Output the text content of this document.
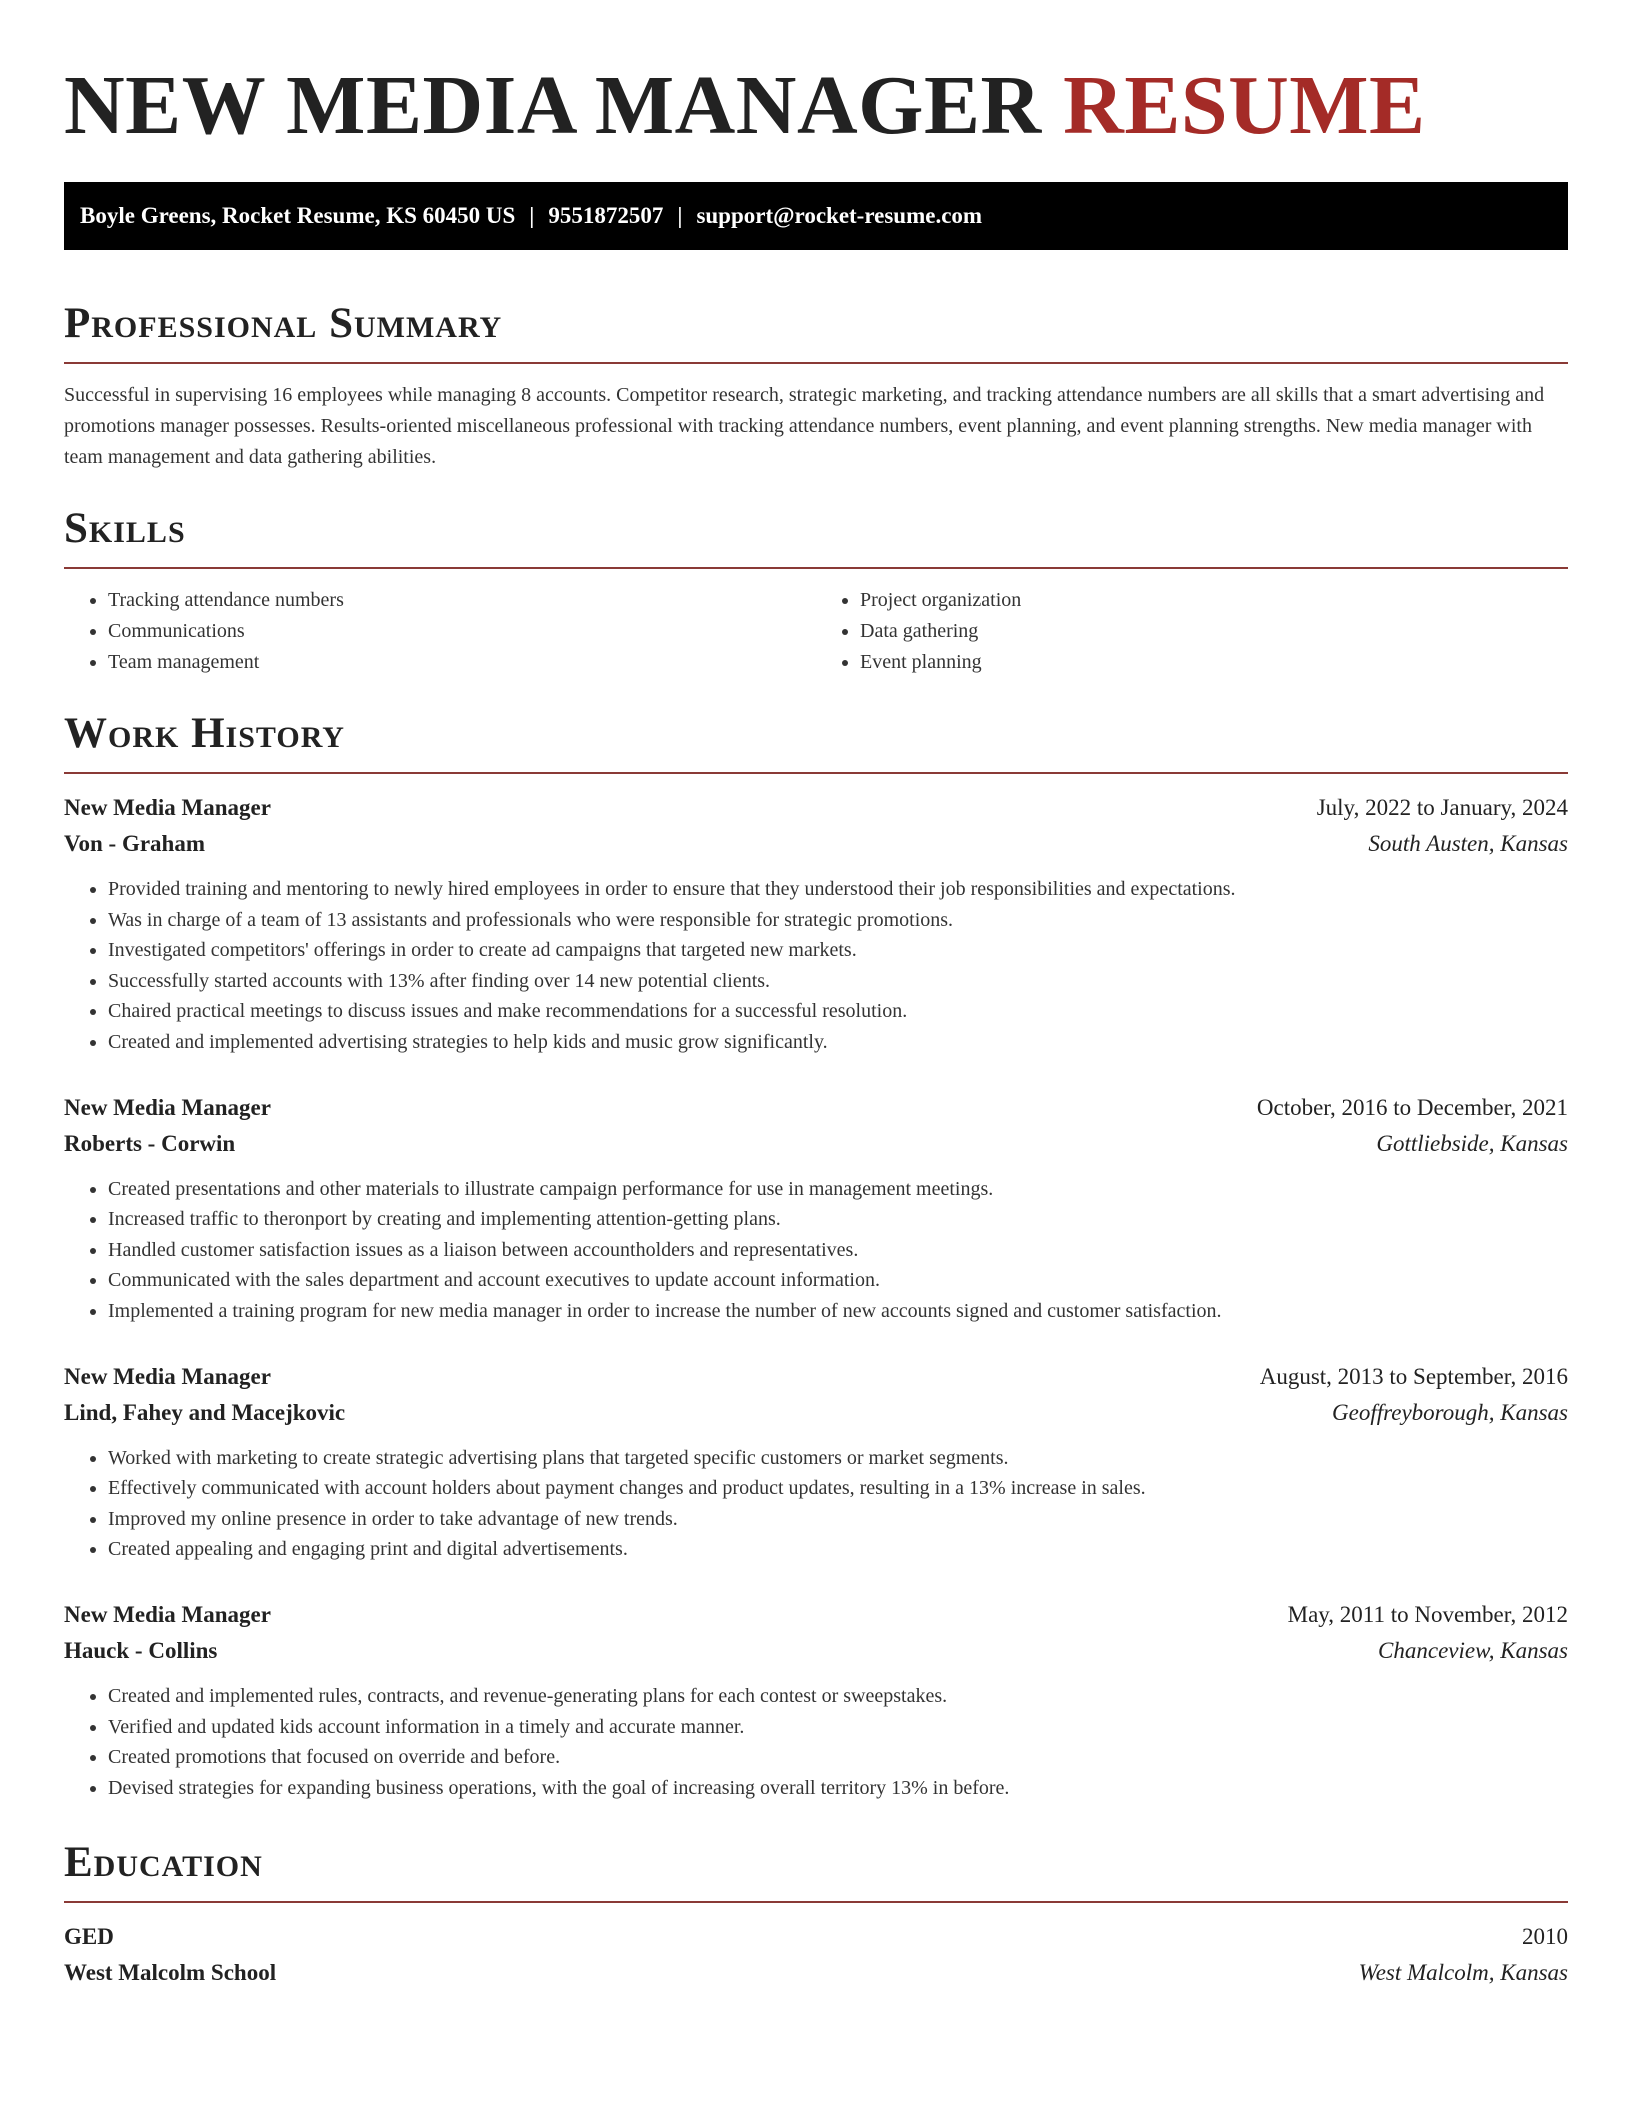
NEW MEDIA MANAGER RESUME
Boyle Greens, Rocket Resume, KS 60450 US | 9551872507 | support@rocket-resume.com
Professional Summary

Successful in supervising 16 employees while managing 8 accounts. Competitor research, strategic marketing, and tracking attendance numbers are all skills that a smart advertising and promotions manager possesses. Results-oriented miscellaneous professional with tracking attendance numbers, event planning, and event planning strengths. New media manager with team management and data gathering abilities.

Skills
• Tracking attendance numbers
• Communications
• Team management
• Project organization
• Data gathering
• Event planning
Work History
New Media Manager	July, 2022 to January, 2024
Von - Graham	South Austen, Kansas
• Provided training and mentoring to newly hired employees in order to ensure that they understood their job responsibilities and expectations.
• Was in charge of a team of 13 assistants and professionals who were responsible for strategic promotions.
• Investigated competitors' offerings in order to create ad campaigns that targeted new markets.
• Successfully started accounts with 13% after finding over 14 new potential clients.
• Chaired practical meetings to discuss issues and make recommendations for a successful resolution.
• Created and implemented advertising strategies to help kids and music grow significantly.
New Media Manager	October, 2016 to December, 2021
Roberts - Corwin	Gottliebside, Kansas
• Created presentations and other materials to illustrate campaign performance for use in management meetings.
• Increased traffic to theronport by creating and implementing attention-getting plans.
• Handled customer satisfaction issues as a liaison between accountholders and representatives.
• Communicated with the sales department and account executives to update account information.
• Implemented a training program for new media manager in order to increase the number of new accounts signed and customer satisfaction.
New Media Manager	August, 2013 to September, 2016
Lind, Fahey and Macejkovic	Geoffreyborough, Kansas
• Worked with marketing to create strategic advertising plans that targeted specific customers or market segments.
• Effectively communicated with account holders about payment changes and product updates, resulting in a 13% increase in sales.
• Improved my online presence in order to take advantage of new trends.
• Created appealing and engaging print and digital advertisements.
New Media Manager	May, 2011 to November, 2012
Hauck - Collins	Chanceview, Kansas
• Created and implemented rules, contracts, and revenue-generating plans for each contest or sweepstakes.
• Verified and updated kids account information in a timely and accurate manner.
• Created promotions that focused on override and before.
• Devised strategies for expanding business operations, with the goal of increasing overall territory 13% in before.
Education
GED	2010
West Malcolm School	West Malcolm, Kansas
